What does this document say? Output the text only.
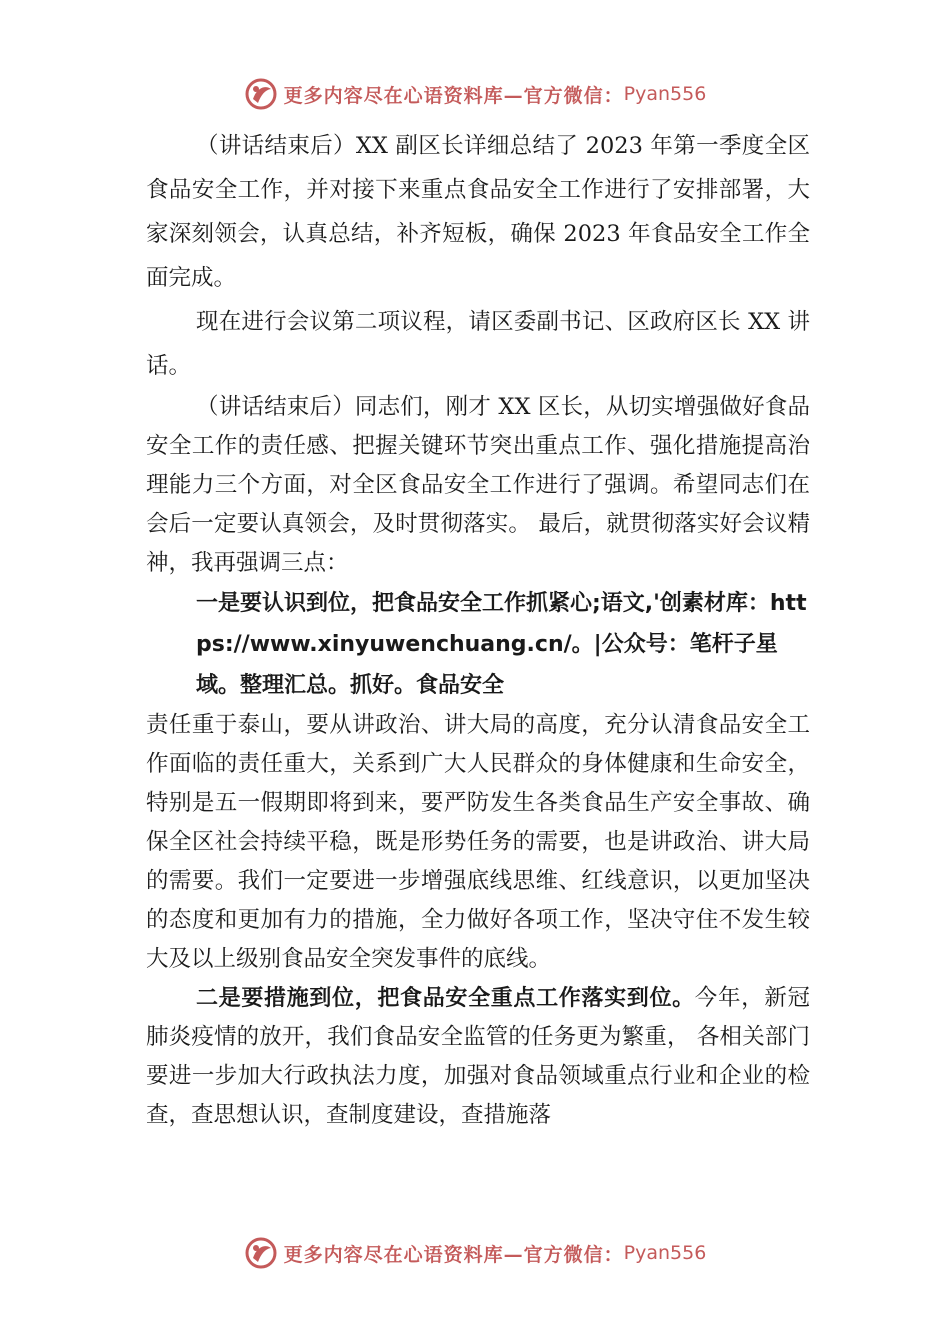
更多内容尽在心语资料库—官方微信： Pyan556

（讲话结束后）XX 副区长详细总结了 2023 年第一季度全区食品安全工作，并对接下来重点食品安全工作进行了安排部署，大家深刻领会，认真总结，补齐短板，确保 2023 年食品安全工作全面完成。

现在进行会议第二项议程，请区委副书记、区政府区长 XX 讲话。

（讲话结束后）同志们，刚才 XX 区长，从切实增强做好食品安全工作的责任感、把握关键环节突出重点工作、强化措施提高治理能力三个方面，对全区食品安全工作进行了强调。希望同志们在会后一定要认真领会，及时贯彻落实。 最后，就贯彻落实好会议精神，我再强调三点：

一是要认识到位，把食品安全工作抓紧心;语文,'创素材库：https://www.xinyuwenchuang.cn/。|公众号：笔杆子星域。整理汇总。抓好。食品安全

责任重于泰山，要从讲政治、讲大局的高度，充分认清食品安全工作面临的责任重大，关系到广大人民群众的身体健康和生命安全，特别是五一假期即将到来，要严防发生各类食品生产安全事故、确保全区社会持续平稳，既是形势任务的需要，也是讲政治、讲大局的需要。我们一定要进一步增强底线思维、红线意识，以更加坚决的态度和更加有力的措施，全力做好各项工作，坚决守住不发生较大及以上级别食品安全突发事件的底线。

二是要措施到位，把食品安全重点工作落实到位。今年，新冠肺炎疫情的放开，我们食品安全监管的任务更为繁重， 各相关部门要进一步加大行政执法力度，加强对食品领域重点行业和企业的检查，查思想认识，查制度建设，查措施落

更多内容尽在心语资料库—官方微信： Pyan556
